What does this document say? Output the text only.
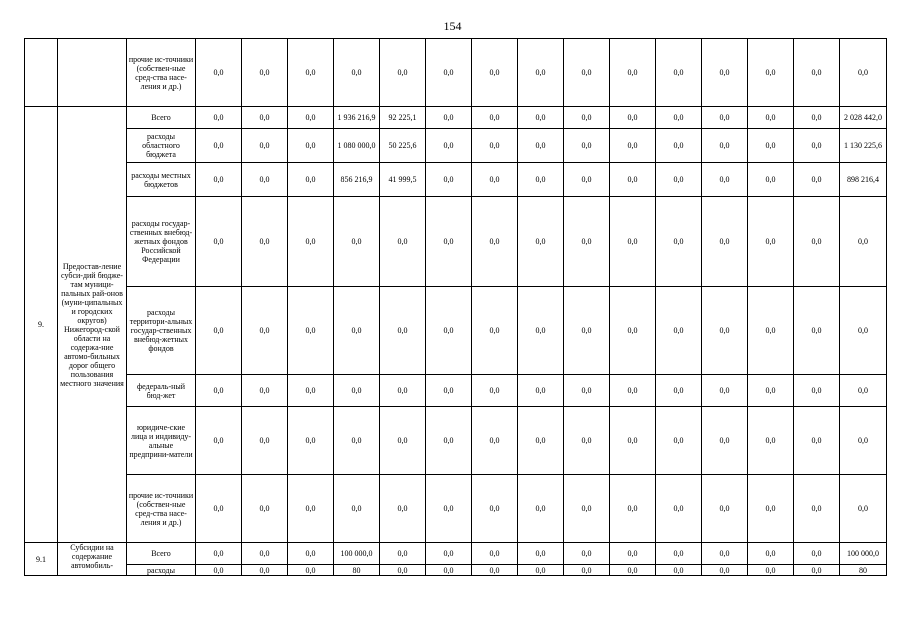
154
		прочие ис-точники (собствен-ные сред-ства насе-ления и др.)	0,0	0,0	0,0	0,0	0,0	0,0	0,0	0,0	0,0	0,0	0,0	0,0	0,0	0,0	0,0
9.	Предостав-ление субси-дий бюдже-там муници-пальных рай-онов (муни-ципальных и городских округов) Нижегород-ской области на содержа-ние автомо-бильных дорог общего пользования местного значения	Всего	0,0	0,0	0,0	1 936 216,9	92 225,1	0,0	0,0	0,0	0,0	0,0	0,0	0,0	0,0	0,0	2 028 442,0
		расходы областного бюджета	0,0	0,0	0,0	1 080 000,0	50 225,6	0,0	0,0	0,0	0,0	0,0	0,0	0,0	0,0	0,0	1 130 225,6
		расходы местных бюджетов	0,0	0,0	0,0	856 216,9	41 999,5	0,0	0,0	0,0	0,0	0,0	0,0	0,0	0,0	0,0	898 216,4
		расходы государ-ственных внебюд-жетных фондов Российской Федерации	0,0	0,0	0,0	0,0	0,0	0,0	0,0	0,0	0,0	0,0	0,0	0,0	0,0	0,0	0,0
		расходы территори-альных государ-ственных внебюд-жетных фондов	0,0	0,0	0,0	0,0	0,0	0,0	0,0	0,0	0,0	0,0	0,0	0,0	0,0	0,0	0,0
		федераль-ный бюд-жет	0,0	0,0	0,0	0,0	0,0	0,0	0,0	0,0	0,0	0,0	0,0	0,0	0,0	0,0	0,0
		юридиче-ские лица и индивиду-альные предприни-матели	0,0	0,0	0,0	0,0	0,0	0,0	0,0	0,0	0,0	0,0	0,0	0,0	0,0	0,0	0,0
		прочие ис-точники (собствен-ные сред-ства насе-ления и др.)	0,0	0,0	0,0	0,0	0,0	0,0	0,0	0,0	0,0	0,0	0,0	0,0	0,0	0,0	0,0
9.1	Субсидии на содержание автомобиль-	Всего	0,0	0,0	0,0	100 000,0	0,0	0,0	0,0	0,0	0,0	0,0	0,0	0,0	0,0	0,0	100 000,0
		расходы	0,0	0,0	0,0	80	0,0	0,0	0,0	0,0	0,0	0,0	0,0	0,0	0,0	0,0	80
